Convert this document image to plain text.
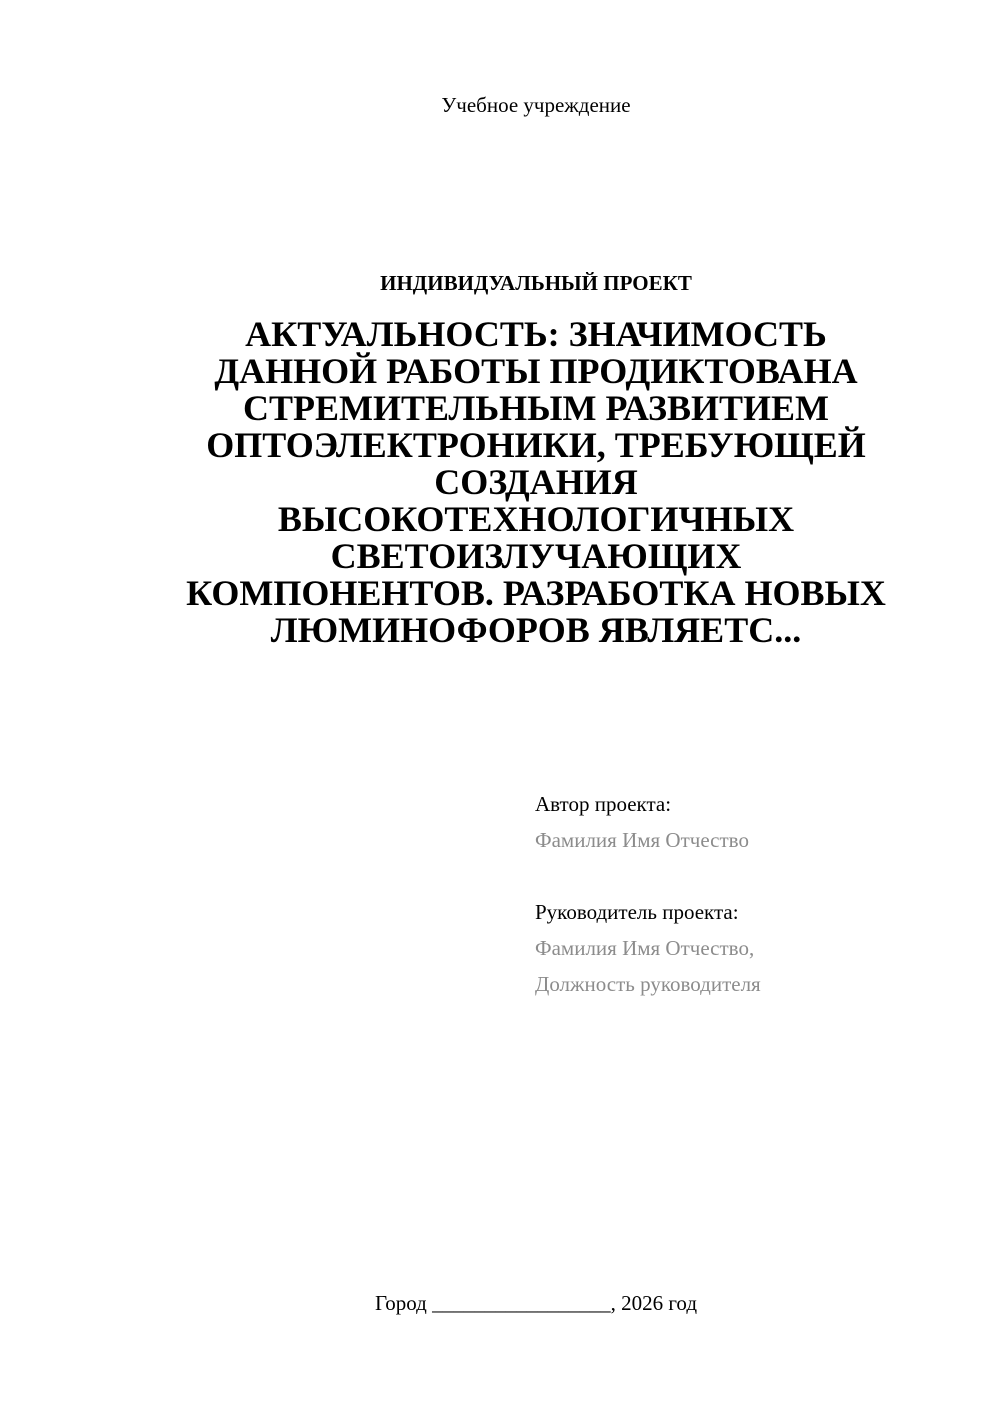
Учебное учреждение
ИНДИВИДУАЛЬНЫЙ ПРОЕКТ
АКТУАЛЬНОСТЬ: ЗНАЧИМОСТЬ
ДАННОЙ РАБОТЫ ПРОДИКТОВАНА
СТРЕМИТЕЛЬНЫМ РАЗВИТИЕМ
ОПТОЭЛЕКТРОНИКИ, ТРЕБУЮЩЕЙ
СОЗДАНИЯ
ВЫСОКОТЕХНОЛОГИЧНЫХ
СВЕТОИЗЛУЧАЮЩИХ
КОМПОНЕНТОВ. РАЗРАБОТКА НОВЫХ
ЛЮМИНОФОРОВ ЯВЛЯЕТС...
Автор проекта:
Фамилия Имя Отчество
Руководитель проекта:
Фамилия Имя Отчество,
Должность руководителя
Город _________________, 2026 год
